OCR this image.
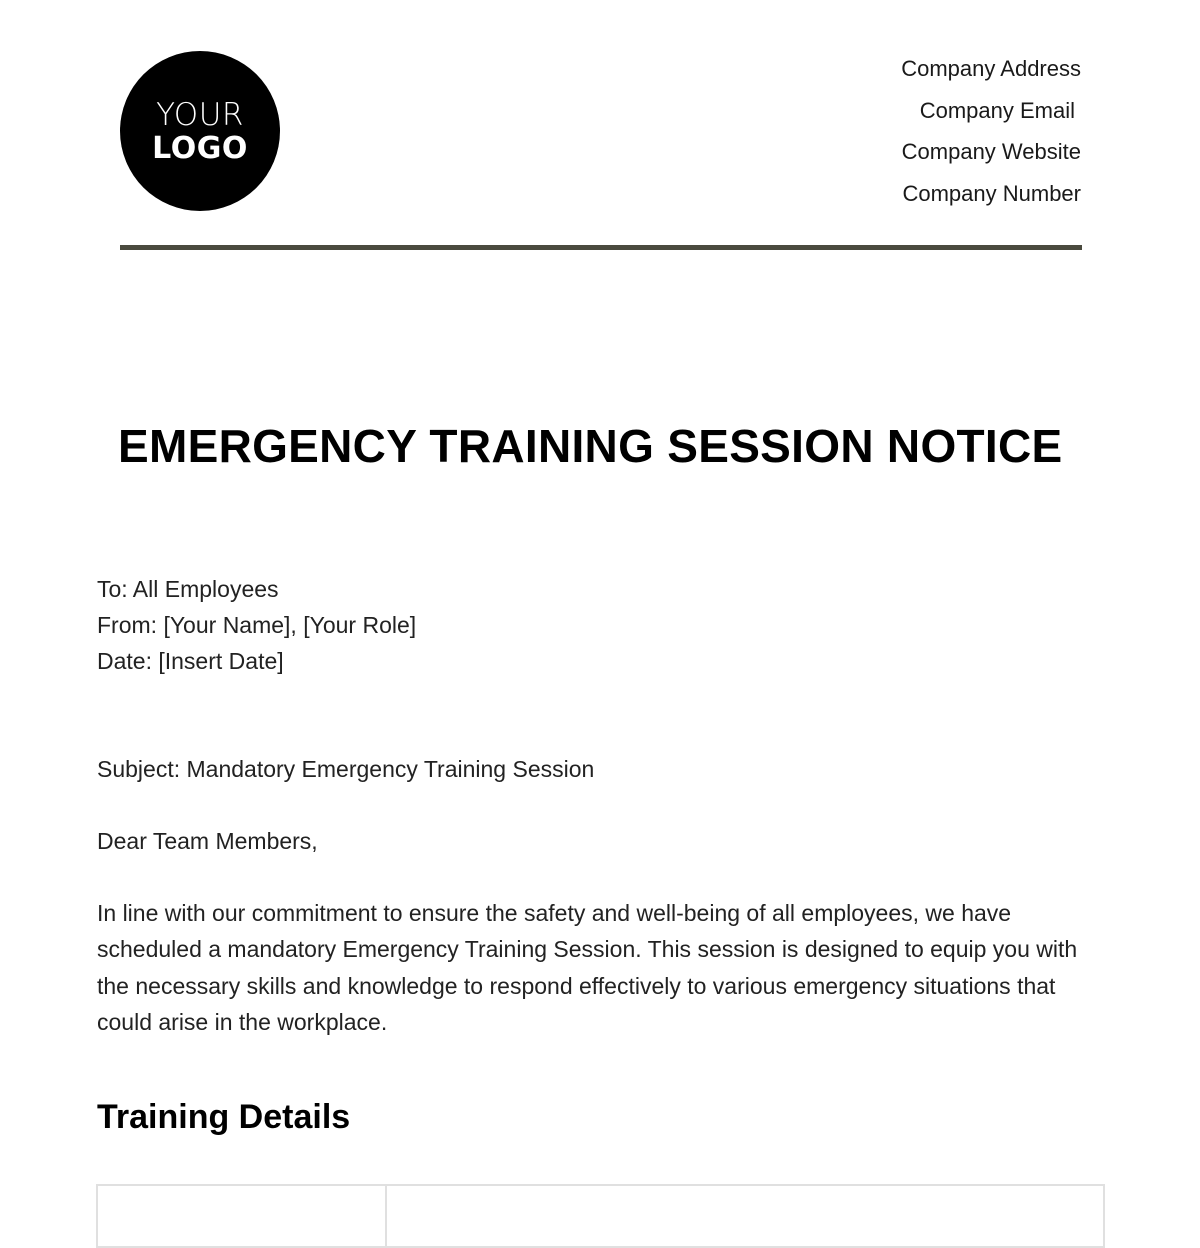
YOUR
LOGO
Company Address
Company Email
Company Website
Company Number
EMERGENCY TRAINING SESSION NOTICE
To: All Employees
From: [Your Name], [Your Role]
Date: [Insert Date]
Subject: Mandatory Emergency Training Session
Dear Team Members,

In line with our commitment to ensure the safety and well-being of all employees, we have scheduled a mandatory Emergency Training Session. This session is designed to equip you with the necessary skills and knowledge to respond effectively to various emergency situations that could arise in the workplace.

Training Details
